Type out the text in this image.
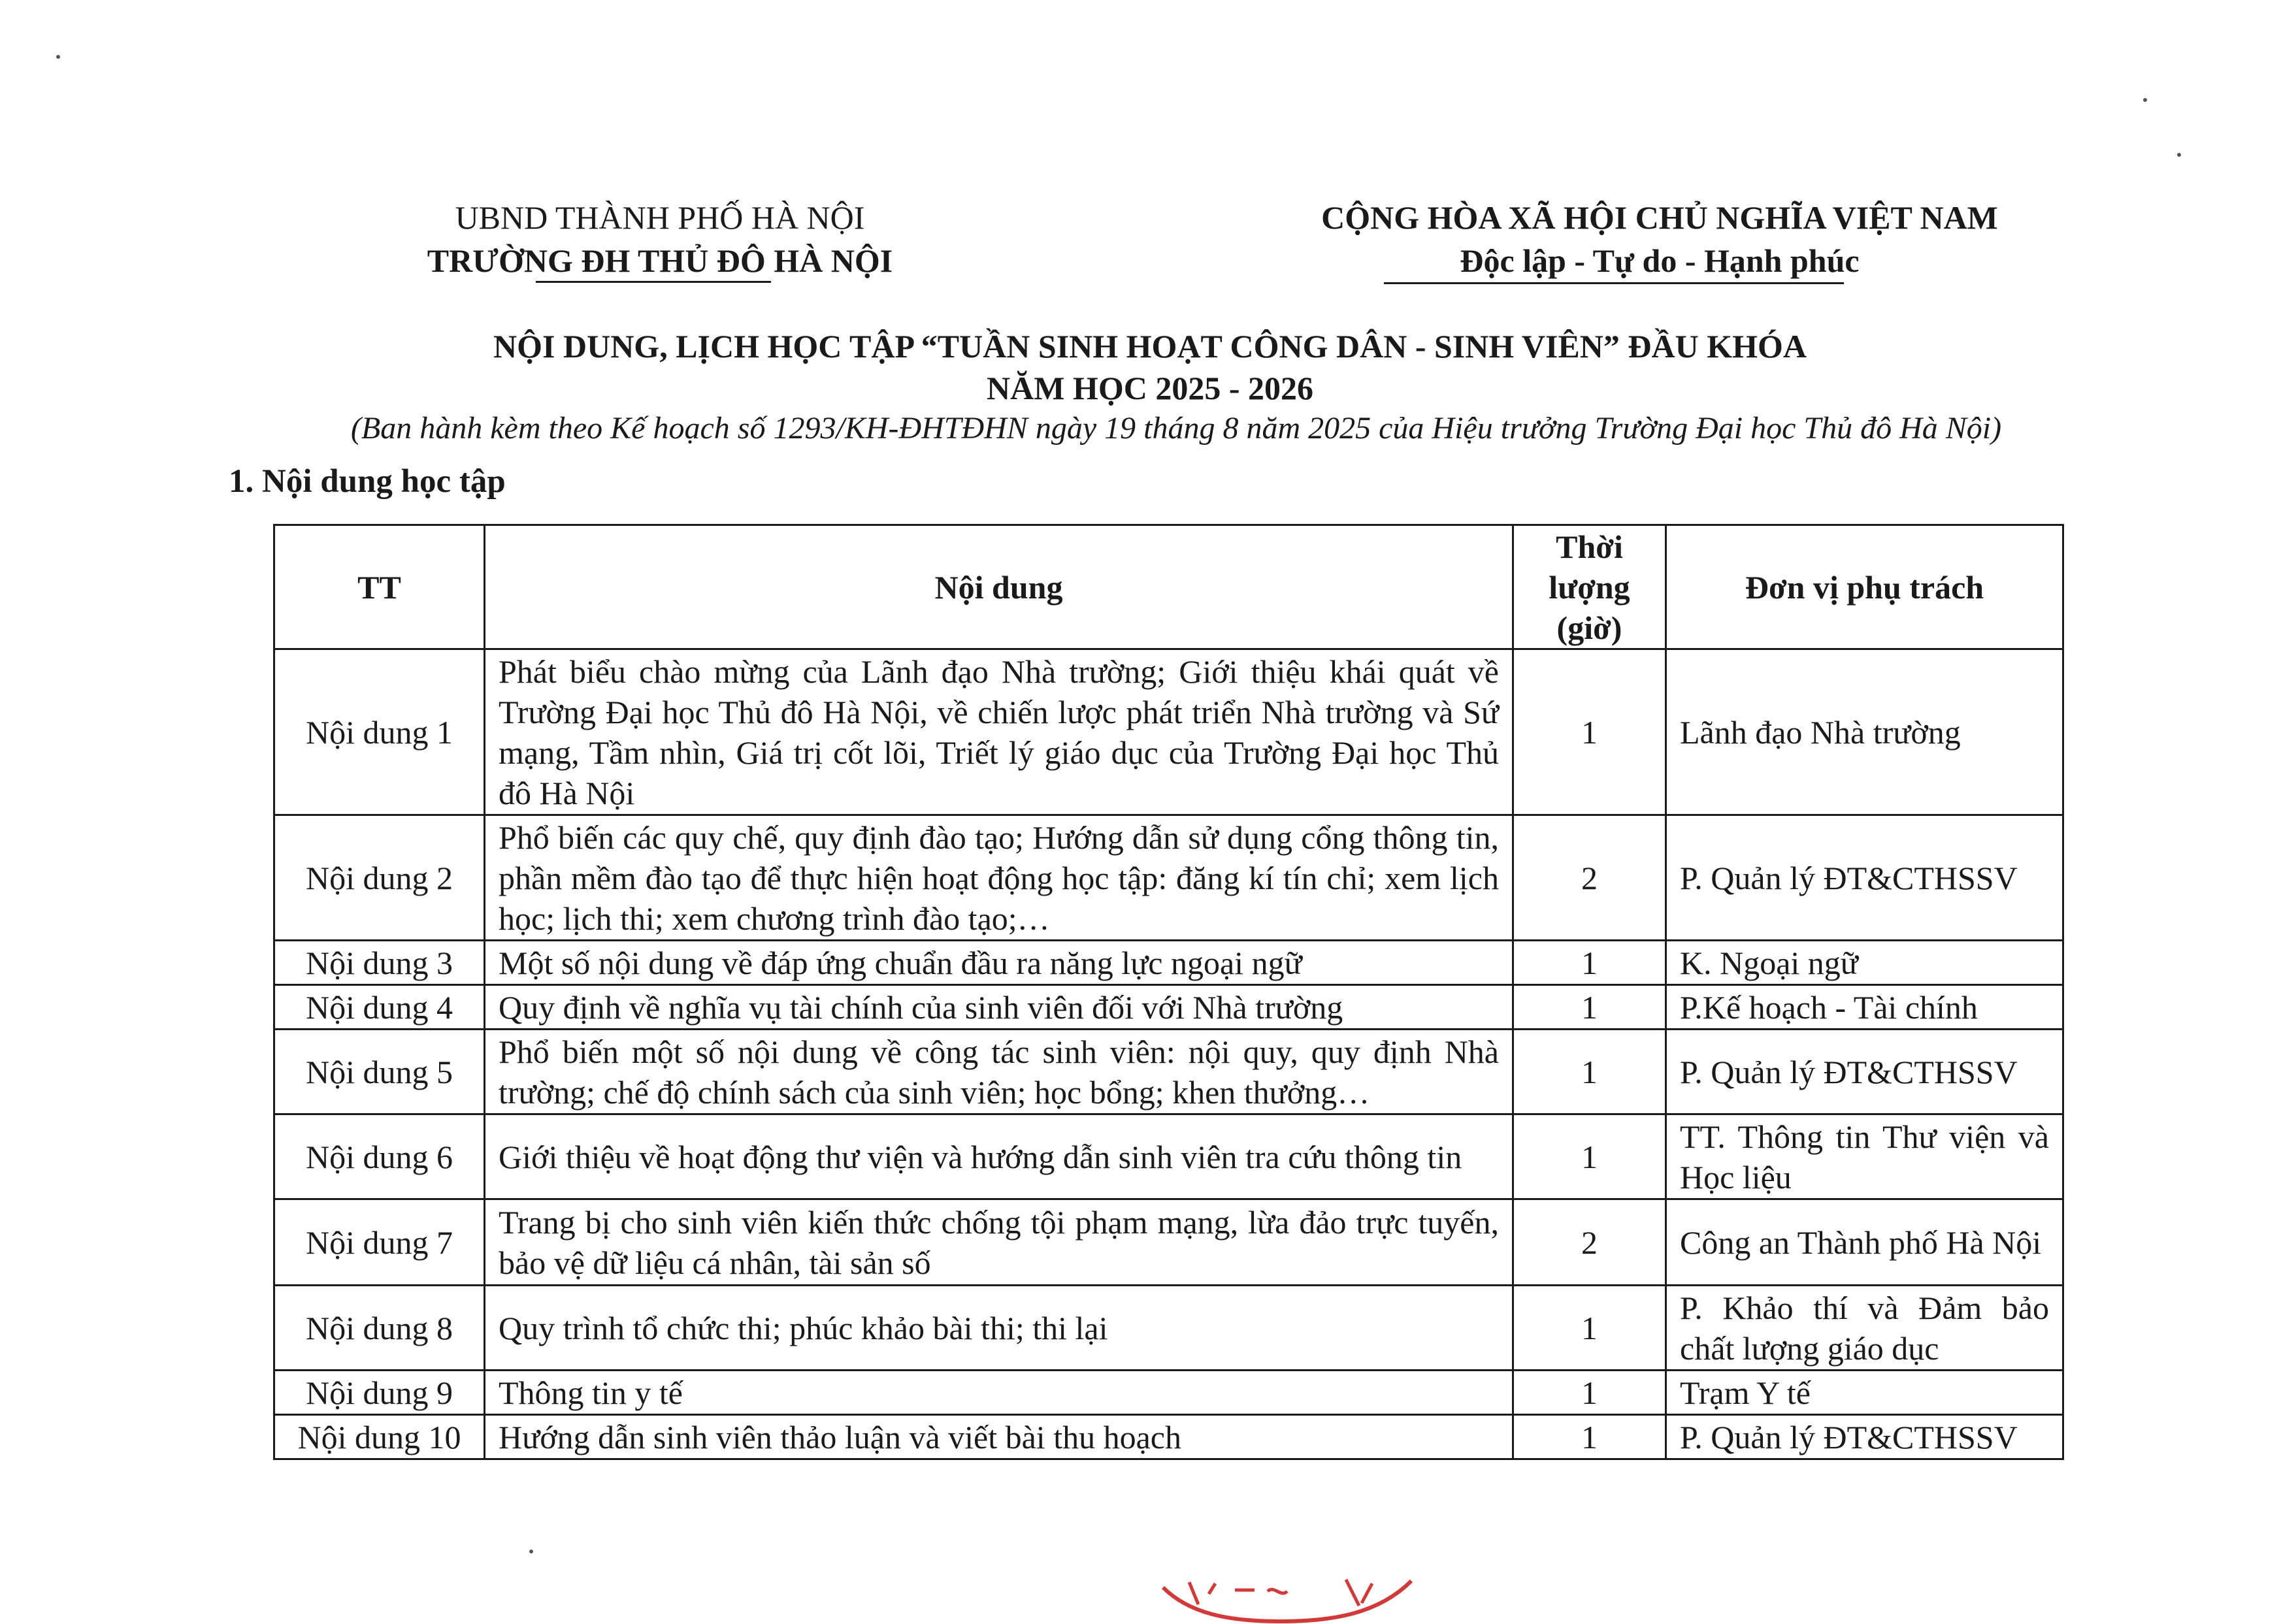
UBND THÀNH PHỐ HÀ NỘI
TRƯỜNG ĐH THỦ ĐÔ HÀ NỘI
CỘNG HÒA XÃ HỘI CHỦ NGHĨA VIỆT NAM
Độc lập - Tự do - Hạnh phúc
NỘI DUNG, LỊCH HỌC TẬP “TUẦN SINH HOẠT CÔNG DÂN - SINH VIÊN” ĐẦU KHÓA
NĂM HỌC 2025 - 2026
(Ban hành kèm theo Kế hoạch số 1293/KH-ĐHTĐHN ngày 19 tháng 8 năm 2025 của Hiệu trưởng Trường Đại học Thủ đô Hà Nội)
1. Nội dung học tập
TT	Nội dung	Thời lượng (giờ)	Đơn vị phụ trách
Nội dung 1	Phát biểu chào mừng của Lãnh đạo Nhà trường; Giới thiệu khái quát về Trường Đại học Thủ đô Hà Nội, về chiến lược phát triển Nhà trường và Sứ mạng, Tầm nhìn, Giá trị cốt lõi, Triết lý giáo dục của Trường Đại học Thủ đô Hà Nội	1	Lãnh đạo Nhà trường
Nội dung 2	Phổ biến các quy chế, quy định đào tạo; Hướng dẫn sử dụng cổng thông tin, phần mềm đào tạo để thực hiện hoạt động học tập: đăng kí tín chỉ; xem lịch học; lịch thi; xem chương trình đào tạo;…	2	P. Quản lý ĐT&CTHSSV
Nội dung 3	Một số nội dung về đáp ứng chuẩn đầu ra năng lực ngoại ngữ	1	K. Ngoại ngữ
Nội dung 4	Quy định về nghĩa vụ tài chính của sinh viên đối với Nhà trường	1	P.Kế hoạch - Tài chính
Nội dung 5	Phổ biến một số nội dung về công tác sinh viên: nội quy, quy định Nhà trường; chế độ chính sách của sinh viên; học bổng; khen thưởng…	1	P. Quản lý ĐT&CTHSSV
Nội dung 6	Giới thiệu về hoạt động thư viện và hướng dẫn sinh viên tra cứu thông tin	1	TT. Thông tin Thư viện và Học liệu
Nội dung 7	Trang bị cho sinh viên kiến thức chống tội phạm mạng, lừa đảo trực tuyến, bảo vệ dữ liệu cá nhân, tài sản số	2	Công an Thành phố Hà Nội
Nội dung 8	Quy trình tổ chức thi; phúc khảo bài thi; thi lại	1	P. Khảo thí và Đảm bảo chất lượng giáo dục
Nội dung 9	Thông tin y tế	1	Trạm Y tế
Nội dung 10	Hướng dẫn sinh viên thảo luận và viết bài thu hoạch	1	P. Quản lý ĐT&CTHSSV
